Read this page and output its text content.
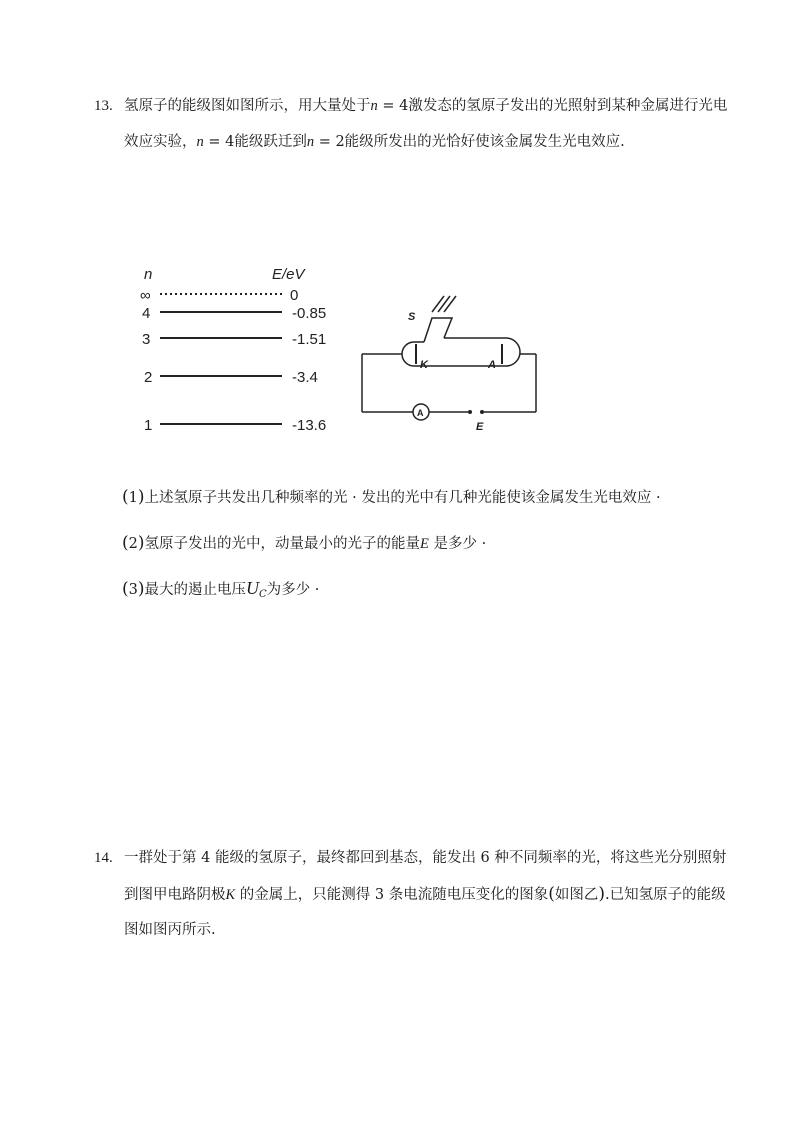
13. 氢原子的能级图如图所示，用大量处于n = 4激发态的氢原子发出的光照射到某种金属进行光电
效应实验，n = 4能级跃迁到n = 2能级所发出的光恰好使该金属发生光电效应.
n	E/eV
∞	0
4	-0.85
3	-1.51
2	-3.4
1	-13.6
S
K	A
A
E
(1)上述氢原子共发出几种频率的光 · 发出的光中有几种光能使该金属发生光电效应 ·
(2)氢原子发出的光中，动量最小的光子的能量E 是多少 ·
(3)最大的遏止电压$U_C$为多少 ·
14. 一群处于第 4 能级的氢原子，最终都回到基态，能发出 6 种不同频率的光，将这些光分别照射
到图甲电路阴极K 的金属上，只能测得 3 条电流随电压变化的图象(如图乙).已知氢原子的能级
图如图丙所示.
